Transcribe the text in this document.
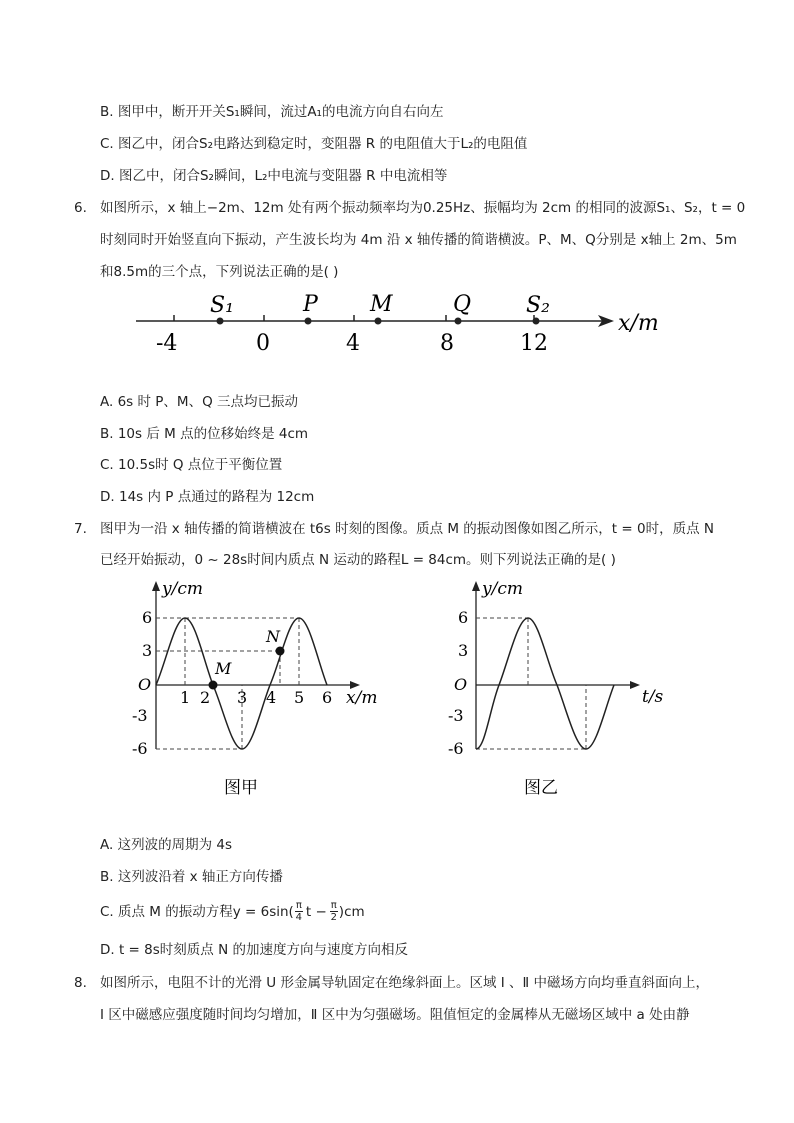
B. 图甲中，断开开关S₁瞬间，流过A₁的电流方向自右向左
C. 图乙中，闭合S₂电路达到稳定时，变阻器 R 的电阻值大于L₂的电阻值
D. 图乙中，闭合S₂瞬间，L₂中电流与变阻器 R 中电流相等
6. 如图所示，x 轴上−2m、12m 处有两个振动频率均为0.25Hz、振幅均为 2cm 的相同的波源S₁、S₂，t = 0
时刻同时开始竖直向下振动，产生波长均为 4m 沿 x 轴传播的简谐横波。P、M、Q分别是 x轴上 2m、5m
和8.5m的三个点，下列说法正确的是( )
S₁	P M	Q S₂
-4	0	4	8	12
x/m
A. 6s 时 P、M、Q 三点均已振动
B. 10s 后 M 点的位移始终是 4cm
C. 10.5s时 Q 点位于平衡位置
D. 14s 内 P 点通过的路程为 12cm
7. 图甲为一沿 x 轴传播的简谐横波在 t6s 时刻的图像。质点 M 的振动图像如图乙所示，t = 0时，质点 N
已经开始振动，0 ~ 28s时间内质点 N 运动的路程L = 84cm。则下列说法正确的是( )
M
N
y/cm
x/m
O
6
3
-3
-6
1 2 3 4 5 6
图甲
y/cm
t/s
O
6
3
-3
-6
图乙
A. 这列波的周期为 4s
B. 这列波沿着 x 轴正方向传播
C. 质点 M 的振动方程$y = 6\sin( \frac{\pi}{4}$ $t - \frac{\pi}{2} )cm$
D. t = 8s时刻质点 N 的加速度方向与速度方向相反
8. 如图所示，电阻不计的光滑 U 形金属导轨固定在绝缘斜面上。区域 Ⅰ 、Ⅱ 中磁场方向均垂直斜面向上，
Ⅰ 区中磁感应强度随时间均匀增加，Ⅱ 区中为匀强磁场。阻值恒定的金属棒从无磁场区域中 a 处由静
